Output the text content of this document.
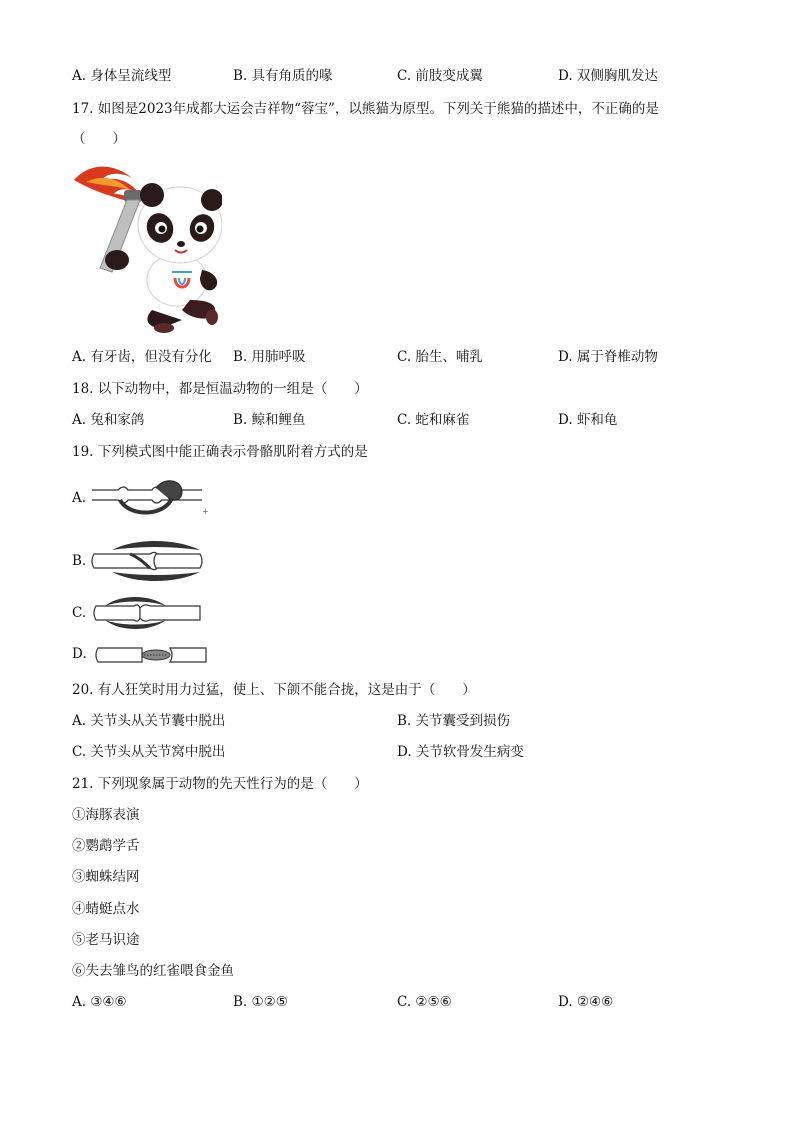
A. 身体呈流线型	B. 具有角质的喙	C. 前肢变成翼	D. 双侧胸肌发达
17. 如图是2023年成都大运会吉祥物“蓉宝”，以熊猫为原型。下列关于熊猫的描述中，不正确的是
（　　）
A. 有牙齿，但没有分化 B. 用肺呼吸	C. 胎生、哺乳	D. 属于脊椎动物
18. 以下动物中，都是恒温动物的一组是（　　）
A. 兔和家鸽	B. 鲸和鲤鱼	C. 蛇和麻雀	D. 虾和龟
19. 下列模式图中能正确表示骨骼肌附着方式的是
A.
+
B.
C.
D.
20. 有人狂笑时用力过猛，使上、下颌不能合拢，这是由于（　　）
A. 关节头从关节囊中脱出	B. 关节囊受到损伤
C. 关节头从关节窝中脱出	D. 关节软骨发生病变
21. 下列现象属于动物的先天性行为的是（　　）
①海豚表演
②鹦鹉学舌
③蜘蛛结网
④蜻蜓点水
⑤老马识途
⑥失去雏鸟的红雀喂食金鱼
A. ③④⑥	B. ①②⑤	C. ②⑤⑥	D. ②④⑥
